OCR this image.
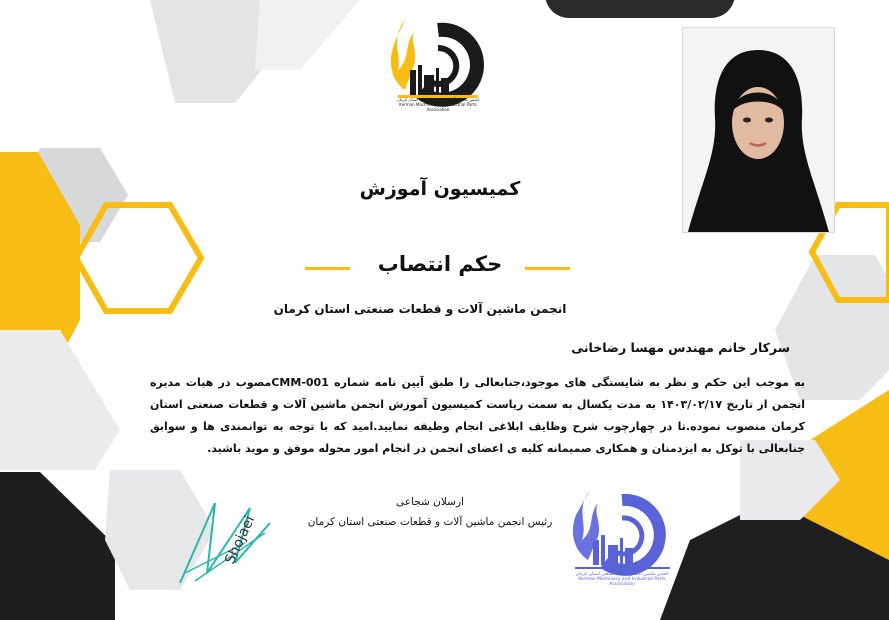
انجمن ماشین آلات و قطعات صنعتی استان کرمان
Kerman Machinery and Industrial Parts Association
کمیسیون آموزش
حکم انتصاب
انجمن ماشین آلات و قطعات صنعتی استان کرمان
سرکار خانم مهندس مهسا رضاخانی
به موجب این حکم و نظر به شایستگی های موجود،جنابعالی را طبق آیین نامه شماره CMM-001مصوب در هیات مدیره انجمن از تاریخ ۱۴۰۳/۰۲/۱۷ به مدت یکسال به سمت ریاست کمیسیون آموزش انجمن ماشین آلات و قطعات صنعتی استان کرمان منصوب نموده.تا در چهارچوب شرح وظایف ابلاغی انجام وظیفه نمایید.امید که با توجه به توانمندی ها و سوابق جنابعالی با توکل به ایزدمنان و همکاری صمیمانه کلیه ی اعضای انجمن در انجام امور محوله موفق و موید باشید.
ارسلان شجاعی
رئیس انجمن ماشین آلات و قطعات صنعتی استان کرمان
Shojaei
انجمن ماشین آلات و قطعات صنعتی استان کرمان
Kerman Machinery and Industrial Parts Association
